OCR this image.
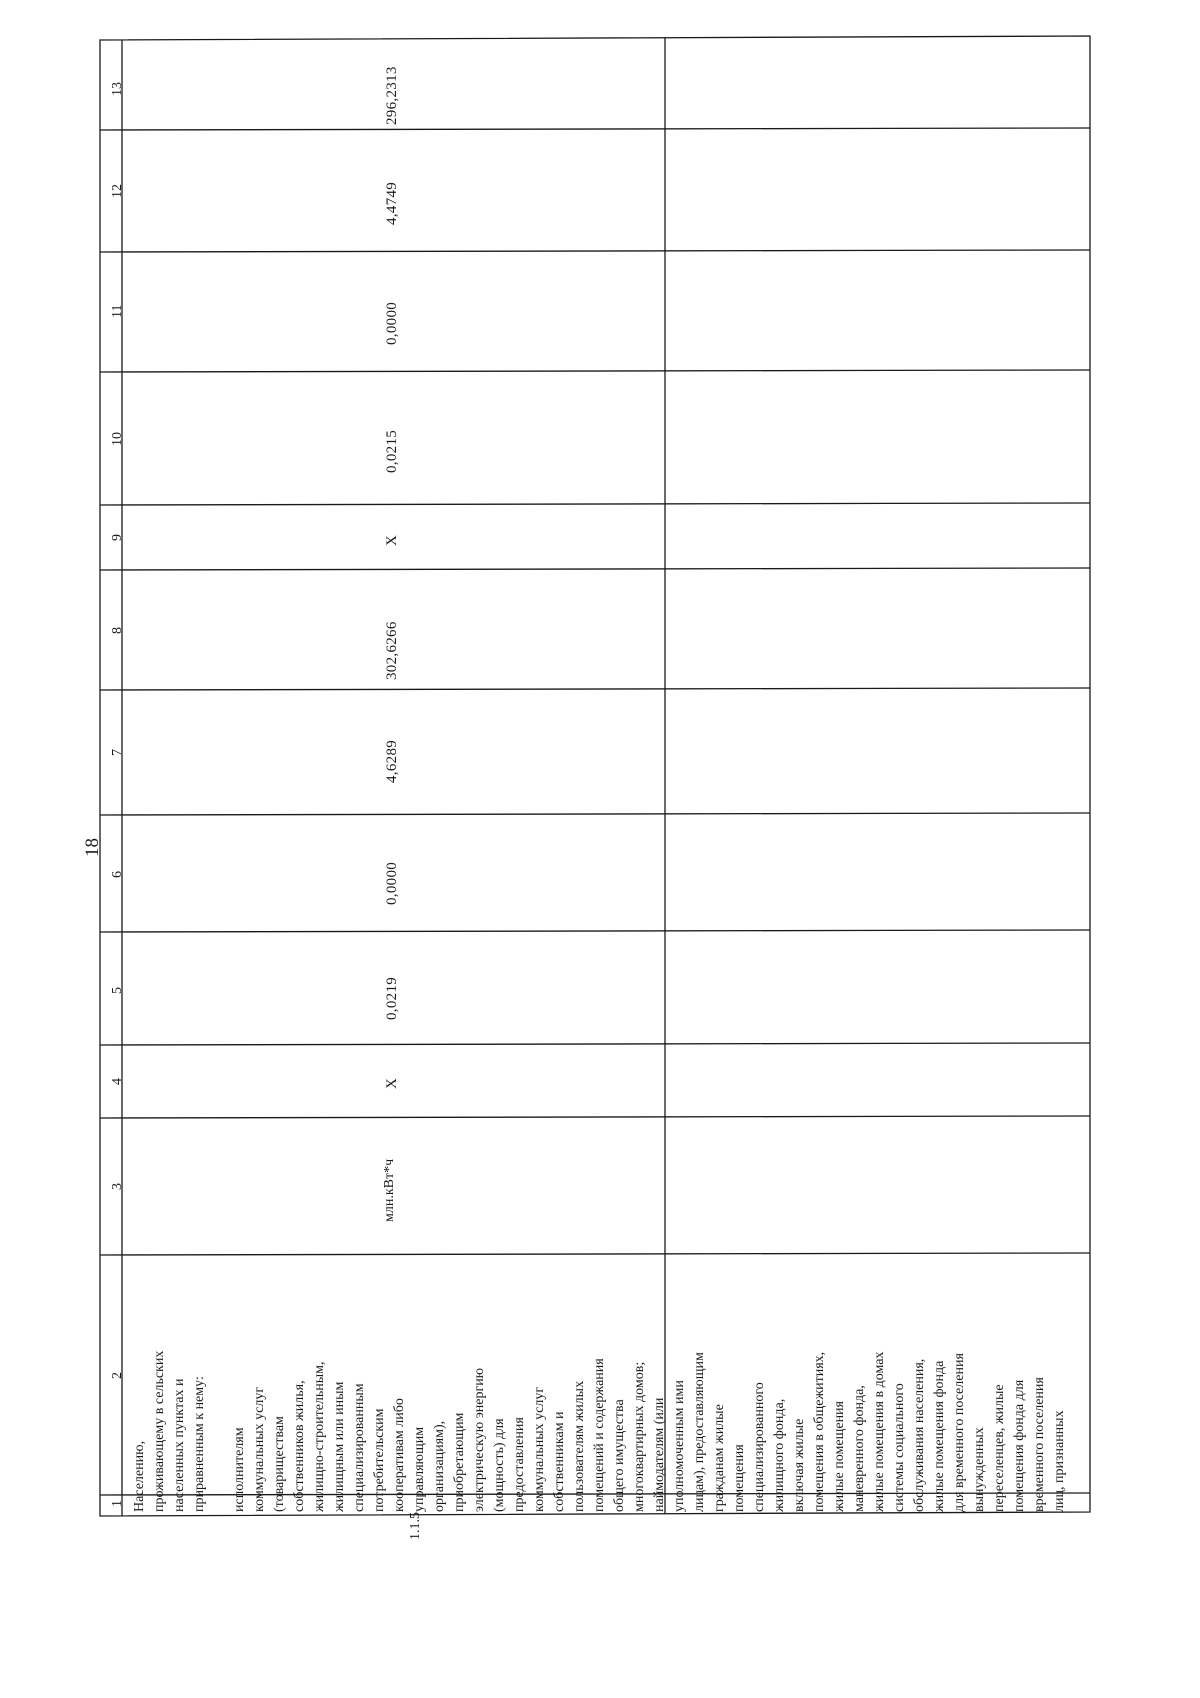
18
1
2
3
4
5
6
7
8
9
10
11
12
13
1.1.5
Населению, проживающему в сельских населенных пунктах и приравненным к нему: исполнителям коммунальных услуг (товариществам собственников жилья, жилищно-строительным, жилищным или иным специализированным потребительским кооперативам либо управляющим организациям), приобретающим электрическую энергию (мощность) для предоставления коммунальных услуг собственникам и пользователям жилых помещений и содержания общего имущества многоквартирных домов;
млн.кВт*ч
X
0,0219
0,0000
4,6289
302,6266
X
0,0215
0,0000
4,4749
296,2313
наймодателям (или уполномоченным ими лицам), предоставляющим гражданам жилые помещения специализированного жилищного фонда, включая жилые помещения в общежитиях, жилые помещения маневренного фонда, жилые помещения в домах системы социального обслуживания населения, жилые помещения фонда для временного поселения вынужденных переселенцев, жилые помещения фонда для временного поселения лиц, признанных
